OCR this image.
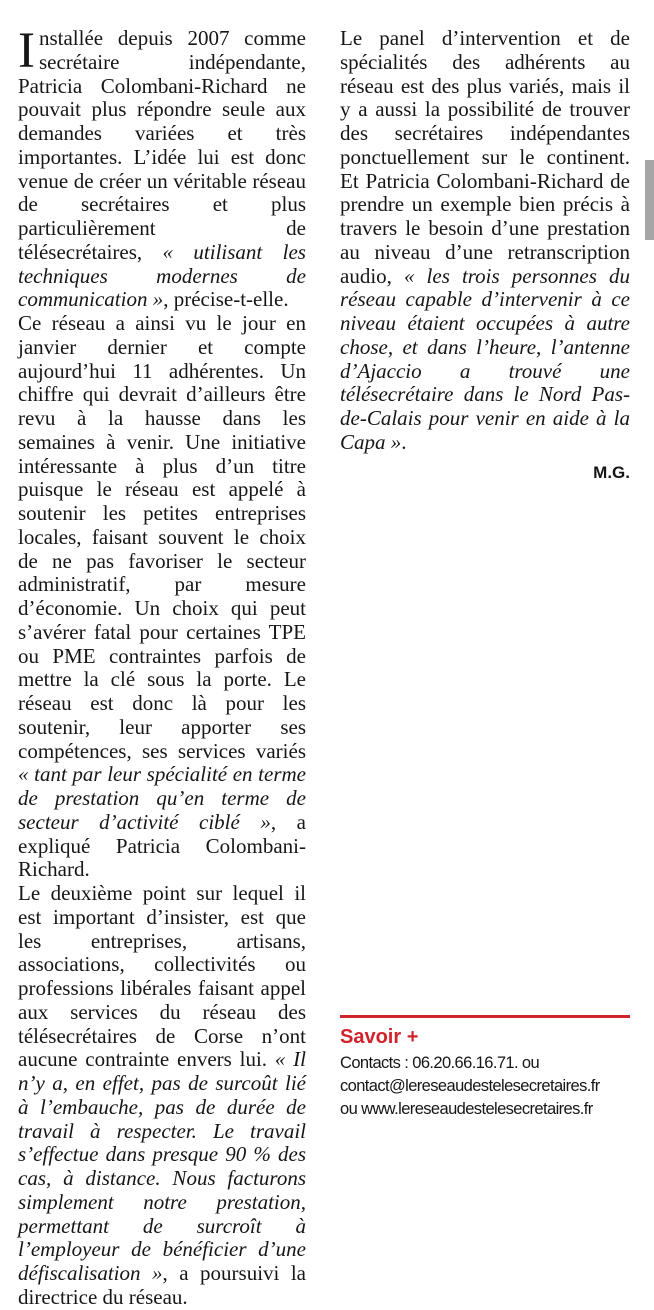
Installée depuis 2007 comme secrétaire indépendante, Patricia Colombani-Richard ne pouvait plus répondre seule aux demandes variées et très importantes. L’idée lui est donc venue de créer un véritable réseau de secrétaires et plus particulièrement de télésecrétaires, « utilisant les techniques modernes de communication », précise-t-elle.

Ce réseau a ainsi vu le jour en janvier dernier et compte aujourd’hui 11 adhérentes. Un chiffre qui devrait d’ailleurs être revu à la hausse dans les semaines à venir. Une initiative intéressante à plus d’un titre puisque le réseau est appelé à soutenir les petites entreprises locales, faisant souvent le choix de ne pas favoriser le secteur administratif, par mesure d’économie. Un choix qui peut s’avérer fatal pour certaines TPE ou PME contraintes parfois de mettre la clé sous la porte. Le réseau est donc là pour les soutenir, leur apporter ses compétences, ses services variés « tant par leur spécialité en terme de prestation qu’en terme de secteur d’activité ciblé », a expliqué Patricia Colombani-Richard.

Le deuxième point sur lequel il est important d’insister, est que les entreprises, artisans, associations, collectivités ou professions libérales faisant appel aux services du réseau des télésecrétaires de Corse n’ont aucune contrainte envers lui. « Il n’y a, en effet, pas de surcoût lié à l’embauche, pas de durée de travail à respecter. Le travail s’effectue dans presque 90 % des cas, à distance. Nous facturons simplement notre prestation, permettant de surcroît à l’employeur de bénéficier d’une défiscalisation », a poursuivi la directrice du réseau.

Le panel d’intervention et de spécialités des adhérents au réseau est des plus variés, mais il y a aussi la possibilité de trouver des secrétaires indépendantes ponctuellement sur le continent. Et Patricia Colombani-Richard de prendre un exemple bien précis à travers le besoin d’une prestation au niveau d’une retranscription audio, « les trois personnes du réseau capable d’intervenir à ce niveau étaient occupées à autre chose, et dans l’heure, l’antenne d’Ajaccio a trouvé une télésecrétaire dans le Nord Pas-de-Calais pour venir en aide à la Capa ».

M.G.

Savoir +
Contacts : 06.20.66.16.71. ou
contact@lereseaudestelesecretaires.fr
ou www.lereseaudestelesecretaires.fr
